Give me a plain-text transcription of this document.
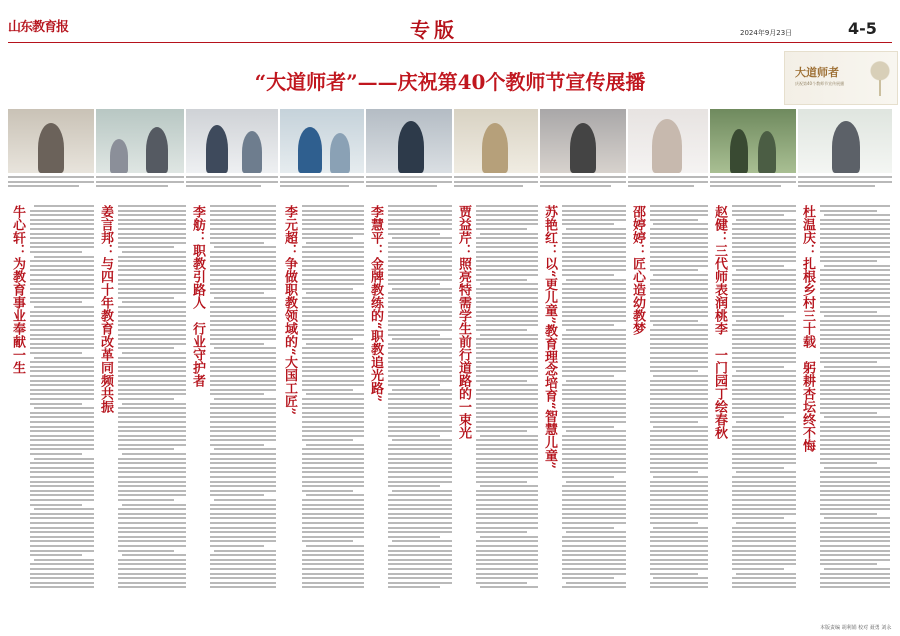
山东教育报	专版	2024年9月23日	4-5
“大道师者”——庆祝第40个教师节宣传展播	大道师者
庆祝第40个教师节宣传展播
牛心轩：为教育事业奉献一生	姜言邦：与四十年教育改革同频共振	李舫：职教引路人　行业守护者	李元超：争做职教领域的“大国工匠”	李慧平：金牌教练的“职教追光路”	贾益芹：照亮特需学生前行道路的一束光	苏艳红：以“更儿童”教育理念培育“智慧儿童”	邵婷婷：匠心造幼教梦	赵健：三代师表润桃李　一门园丁绘春秋	杜温庆：扎根乡村三十载　躬耕杏坛终不悔
本版责编 胡利娟 校对 聂勇 刘永
